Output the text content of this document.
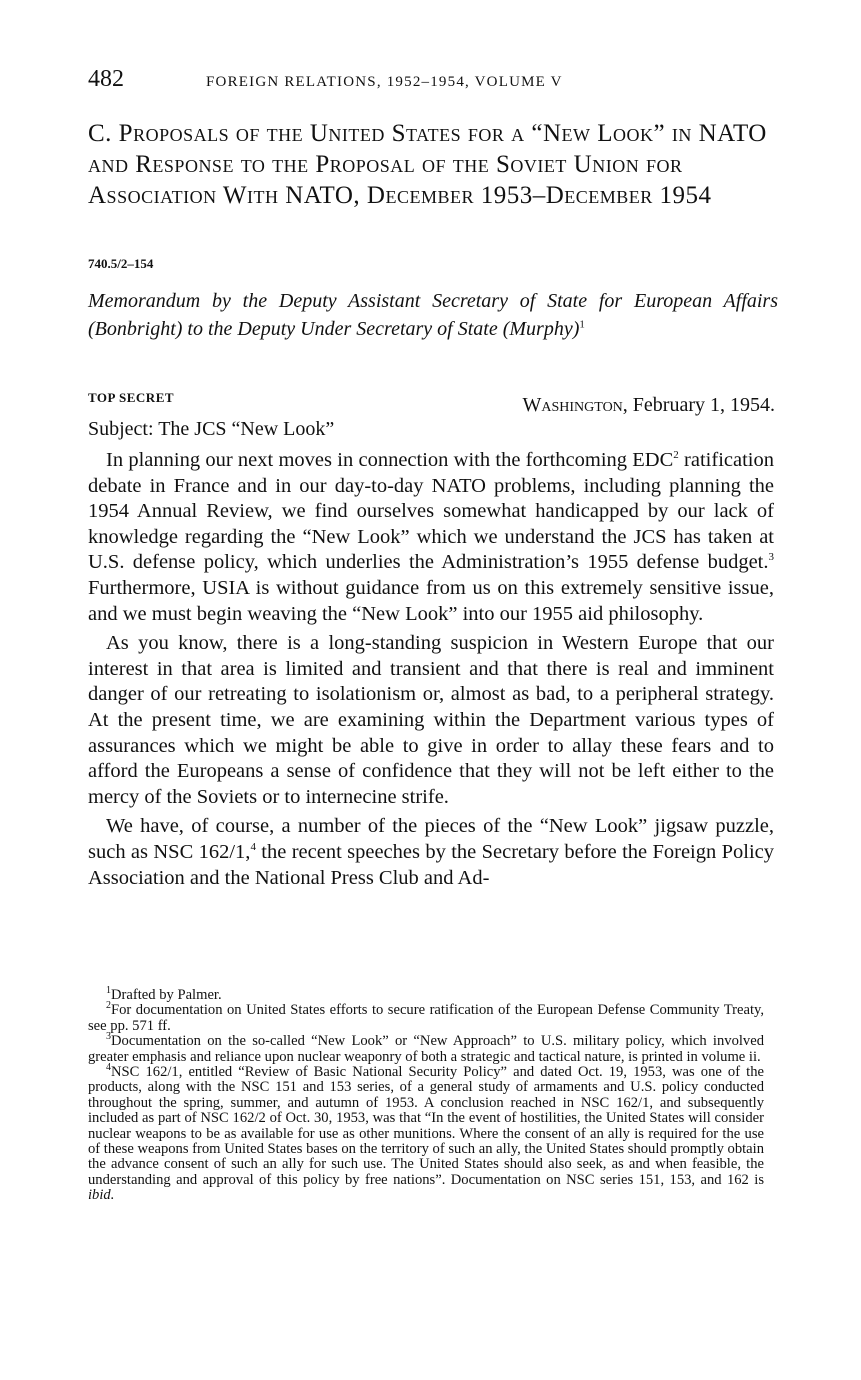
482	FOREIGN RELATIONS, 1952–1954, VOLUME V
C. Proposals of the United States for a “New Look” in NATO and Response to the Proposal of the Soviet Union for Association With NATO, December 1953–December 1954
740.5/2–154
Memorandum by the Deputy Assistant Secretary of State for European Affairs (Bonbright) to the Deputy Under Secretary of State (Murphy)$^1$
TOP SECRET	Washington, February 1, 1954.
Subject: The JCS “New Look”

In planning our next moves in connection with the forthcoming EDC$^2$ ratification debate in France and in our day-to-day NATO problems, including planning the 1954 Annual Review, we find ourselves somewhat handicapped by our lack of knowledge regarding the “New Look” which we understand the JCS has taken at U.S. defense policy, which underlies the Administration’s 1955 defense budget.$^3$ Furthermore, USIA is without guidance from us on this extremely sensitive issue, and we must begin weaving the “New Look” into our 1955 aid philosophy.

As you know, there is a long-standing suspicion in Western Europe that our interest in that area is limited and transient and that there is real and imminent danger of our retreating to isolationism or, almost as bad, to a peripheral strategy. At the present time, we are examining within the Department various types of assurances which we might be able to give in order to allay these fears and to afford the Europeans a sense of confidence that they will not be left either to the mercy of the Soviets or to internecine strife.

We have, of course, a number of the pieces of the “New Look” jigsaw puzzle, such as NSC 162/1,$^4$ the recent speeches by the Secretary before the Foreign Policy Association and the National Press Club and Ad-

$^1$Drafted by Palmer.

$^2$For documentation on United States efforts to secure ratification of the European Defense Community Treaty, see pp. 571 ff.

$^3$Documentation on the so-called “New Look” or “New Approach” to U.S. military policy, which involved greater emphasis and reliance upon nuclear weaponry of both a strategic and tactical nature, is printed in volume ii.

$^4$NSC 162/1, entitled “Review of Basic National Security Policy” and dated Oct. 19, 1953, was one of the products, along with the NSC 151 and 153 series, of a general study of armaments and U.S. policy conducted throughout the spring, summer, and autumn of 1953. A conclusion reached in NSC 162/1, and subsequently included as part of NSC 162/2 of Oct. 30, 1953, was that “In the event of hostilities, the United States will consider nuclear weapons to be as available for use as other munitions. Where the consent of an ally is required for the use of these weapons from United States bases on the territory of such an ally, the United States should promptly obtain the advance consent of such an ally for such use. The United States should also seek, as and when feasible, the understanding and approval of this policy by free nations”. Documentation on NSC series 151, 153, and 162 is ibid.
